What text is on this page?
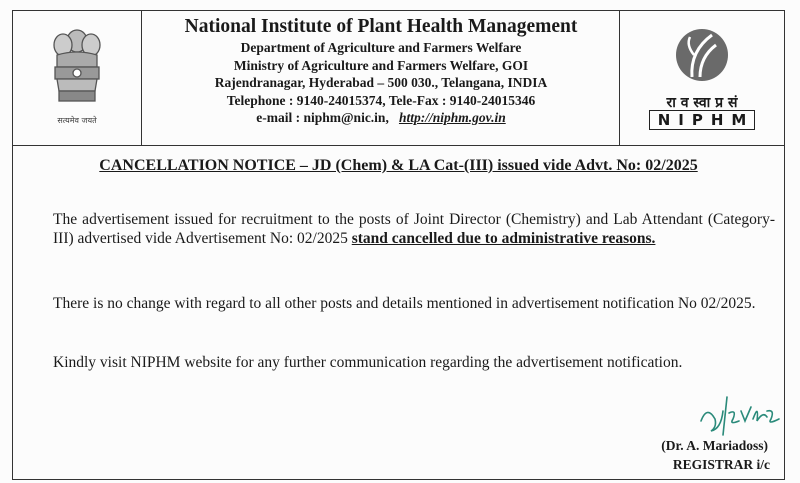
सत्यमेव जयते
National Institute of Plant Health Management
Department of Agriculture and Farmers Welfare
Ministry of Agriculture and Farmers Welfare, GOI
Rajendranagar, Hyderabad – 500 030., Telangana, INDIA
Telephone : 9140-24015374, Tele-Fax : 9140-24015346
e-mail : niphm@nic.in, http://niphm.gov.in
रा व स्वा प्र सं
NIPHM
CANCELLATION NOTICE – JD (Chem) & LA Cat-(III) issued vide Advt. No: 02/2025
The advertisement issued for recruitment to the posts of Joint Director (Chemistry) and Lab Attendant (Category-III) advertised vide Advertisement No: 02/2025 stand cancelled due to administrative reasons.
There is no change with regard to all other posts and details mentioned in advertisement notification No 02/2025.
Kindly visit NIPHM website for any further communication regarding the advertisement notification.
(Dr. A. Mariadoss)
REGISTRAR i/c
